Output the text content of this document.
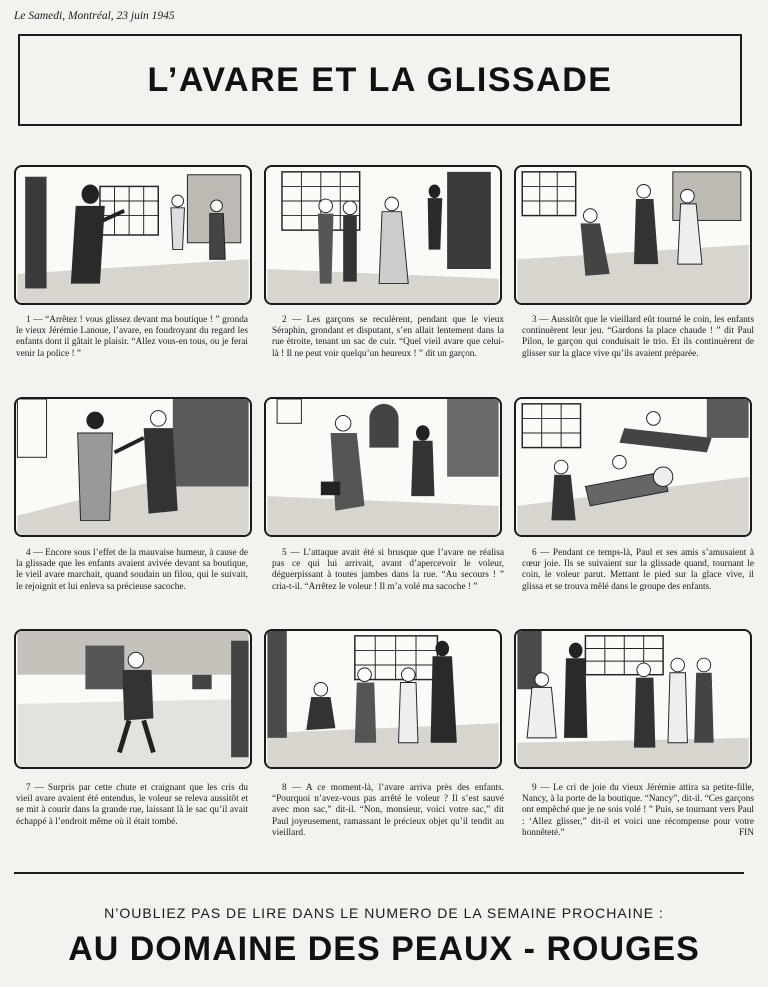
Le Samedi, Montréal, 23 juin 1945
L’AVARE ET LA GLISSADE

1 — “Arrêtez ! vous glissez devant ma boutique ! ” gronda le vieux Jérémie Lanoue, l’avare, en foudroyant du regard les enfants dont il gâtait le plaisir. “Allez vous-en tous, ou je ferai venir la police ! ”

2 — Les garçons se reculèrent, pendant que le vieux Séraphin, grondant et disputant, s’en allait lentement dans la rue étroite, tenant un sac de cuir. “Quel vieil avare que celui-là ! Il ne peut voir quelqu’un heureux ! ” dit un garçon.

3 — Aussitôt que le vieillard eût tourné le coin, les enfants continuèrent leur jeu. “Gardons la place chaude ! ” dit Paul Pilon, le garçon qui conduisait le trio. Et ils continuèrent de glisser sur la glace vive qu’ils avaient préparée.

4 — Encore sous l’effet de la mauvaise humeur, à cause de la glissade que les enfants avaient avivée devant sa boutique, le vieil avare marchait, quand soudain un filou, qui le suivait, le rejoignit et lui enleva sa précieuse sacoche.

5 — L’attaque avait été si brusque que l’avare ne réalisa pas ce qui lui arrivait, avant d’apercevoir le voleur, déguerpissant à toutes jambes dans la rue. “Au secours ! ” cria-t-il. “Arrêtez le voleur ! Il m’a volé ma sacoche ! ”

6 — Pendant ce temps-là, Paul et ses amis s’amusaient à cœur joie. Ils se suivaient sur la glissade quand, tournant le coin, le voleur parut. Mettant le pied sur la glace vive, il glissa et se trouva mêlé dans le groupe des enfants.

7 — Surpris par cette chute et craignant que les cris du vieil avare avaient été entendus, le voleur se releva aussitôt et se mit à courir dans la grande rue, laissant là le sac qu’il avait échappé à l’endroit même où il était tombé.

8 — A ce moment-là, l’avare arriva près des enfants. “Pourquoi n’avez-vous pas arrêté le voleur ? Il s’est sauvé avec mon sac,” dit-il. “Non, monsieur, voici votre sac,” dit Paul joyeusement, ramassant le précieux objet qu’il tendit au vieillard.

9 — Le cri de joie du vieux Jérémie attira sa petite-fille, Nancy, à la porte de la boutique. “Nancy”, dit-il. “Ces garçons ont empêché que je ne sois volé ! ” Puis, se tournant vers Paul : ‘Allez glisser,” dit-il et voici une récompense pour votre honnêteté.”	FIN

N’OUBLIEZ PAS DE LIRE DANS LE NUMERO DE LA SEMAINE PROCHAINE :
AU DOMAINE DES PEAUX - ROUGES
